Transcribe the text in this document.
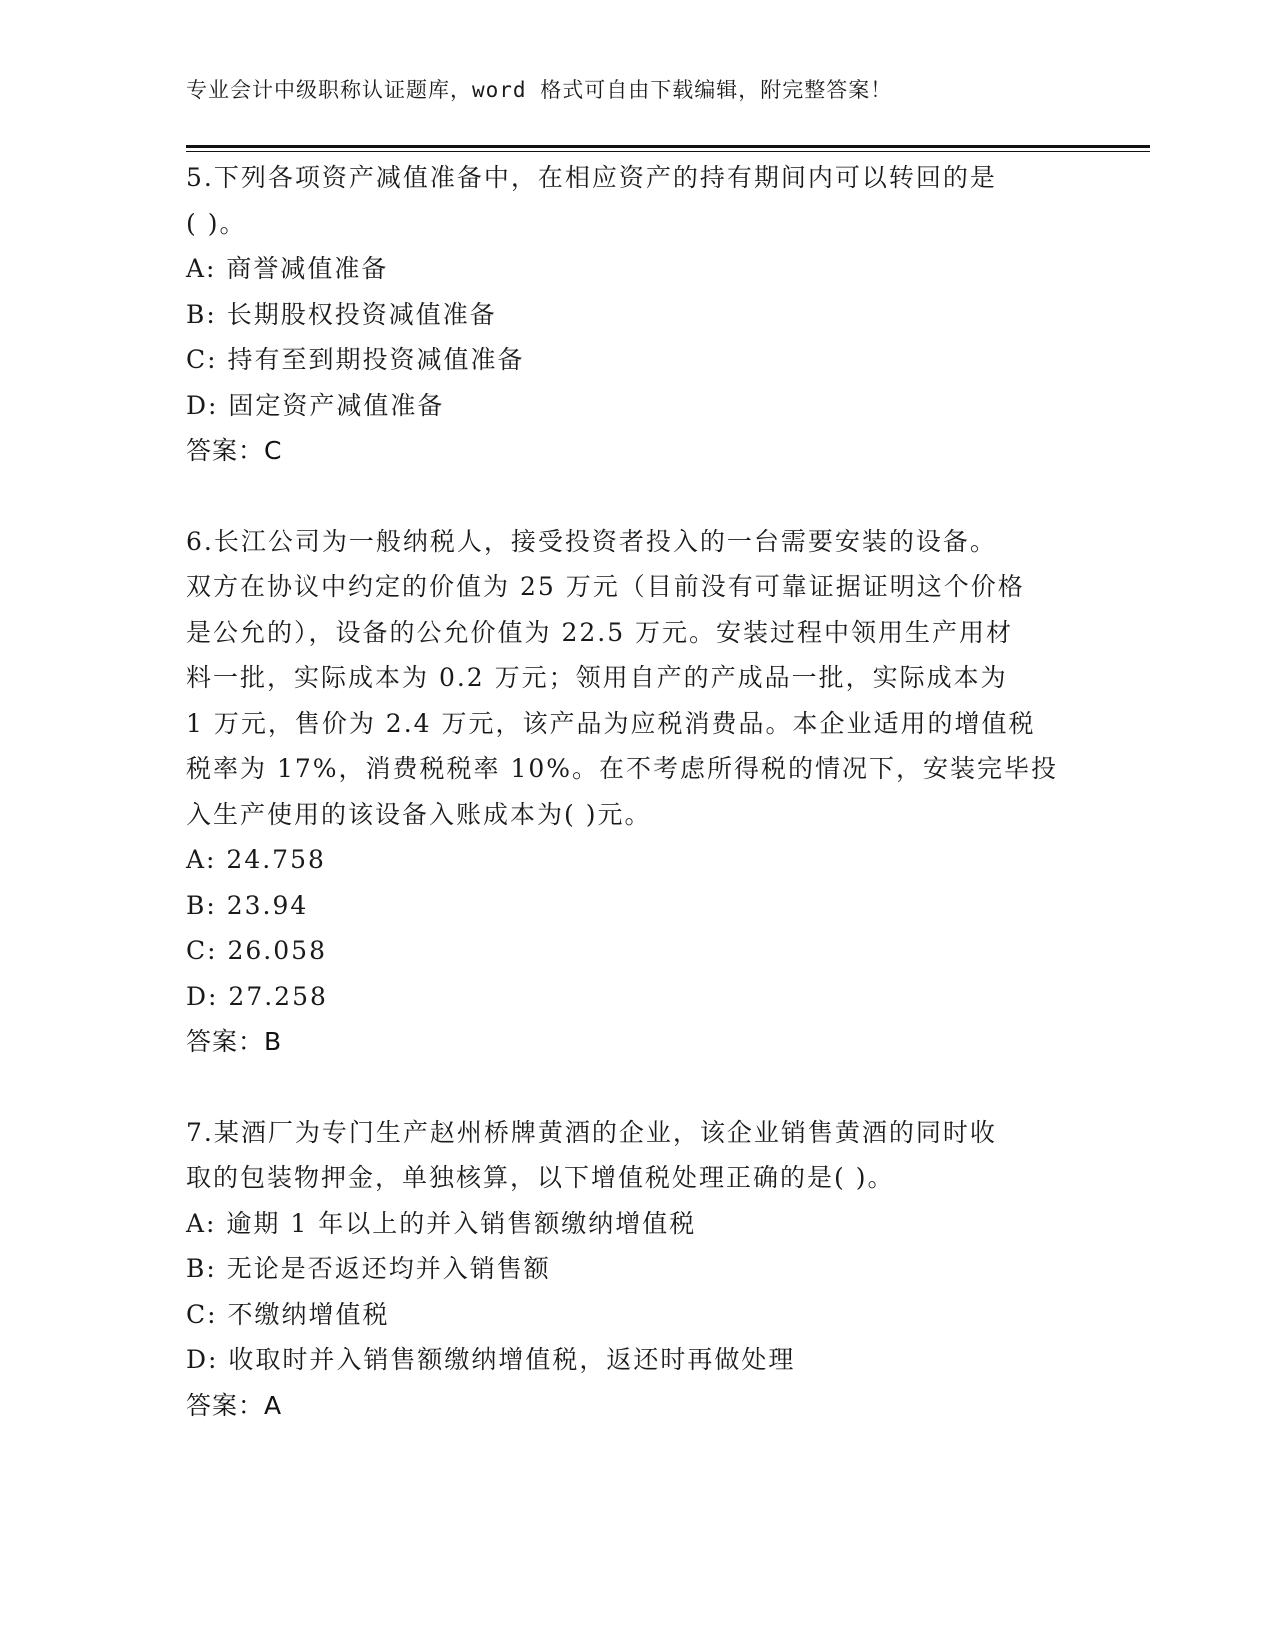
专业会计中级职称认证题库，word 格式可自由下载编辑，附完整答案！
5.下列各项资产减值准备中，在相应资产的持有期间内可以转回的是
( )。
A: 商誉减值准备
B: 长期股权投资减值准备
C: 持有至到期投资减值准备
D: 固定资产减值准备
答案：C
6.长江公司为一般纳税人，接受投资者投入的一台需要安装的设备。
双方在协议中约定的价值为 25 万元（目前没有可靠证据证明这个价格
是公允的），设备的公允价值为 22.5 万元。安装过程中领用生产用材
料一批，实际成本为 0.2 万元；领用自产的产成品一批，实际成本为
1 万元，售价为 2.4 万元，该产品为应税消费品。本企业适用的增值税
税率为 17%，消费税税率 10%。在不考虑所得税的情况下，安装完毕投
入生产使用的该设备入账成本为( )元。
A: 24.758
B: 23.94
C: 26.058
D: 27.258
答案：B
7.某酒厂为专门生产赵州桥牌黄酒的企业，该企业销售黄酒的同时收
取的包装物押金，单独核算，以下增值税处理正确的是( )。
A: 逾期 1 年以上的并入销售额缴纳增值税
B: 无论是否返还均并入销售额
C: 不缴纳增值税
D: 收取时并入销售额缴纳增值税，返还时再做处理
答案：A
